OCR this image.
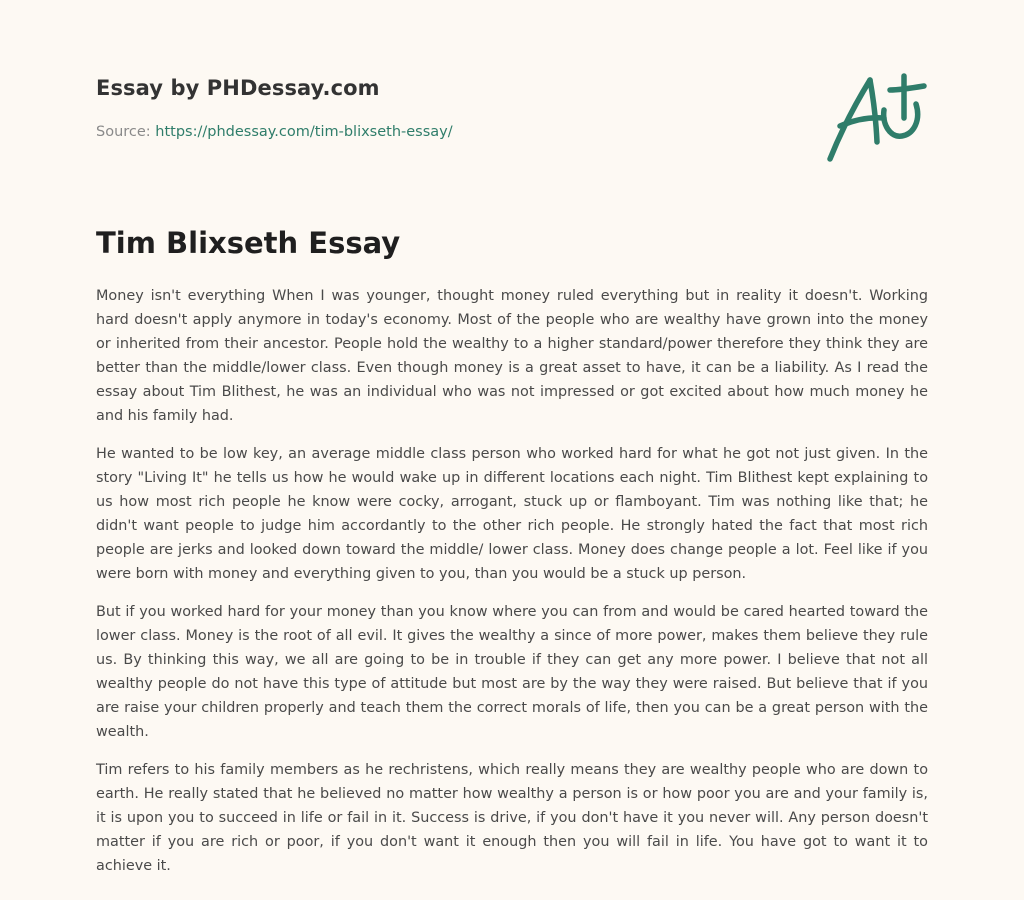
Essay by PHDessay.com
Source: https://phdessay.com/tim-blixseth-essay/
Tim Blixseth Essay

Money isn't everything When I was younger, thought money ruled everything but in reality it doesn't. Working hard doesn't apply anymore in today's economy. Most of the people who are wealthy have grown into the money or inherited from their ancestor. People hold the wealthy to a higher standard/power therefore they think they are better than the middle/lower class. Even though money is a great asset to have, it can be a liability. As I read the essay about Tim Blithest, he was an individual who was not impressed or got excited about how much money he and his family had.

He wanted to be low key, an average middle class person who worked hard for what he got not just given. In the story "Living It" he tells us how he would wake up in different locations each night. Tim Blithest kept explaining to us how most rich people he know were cocky, arrogant, stuck up or flamboyant. Tim was nothing like that; he didn't want people to judge him accordantly to the other rich people. He strongly hated the fact that most rich people are jerks and looked down toward the middle/ lower class. Money does change people a lot. Feel like if you were born with money and everything given to you, than you would be a stuck up person.

But if you worked hard for your money than you know where you can from and would be cared hearted toward the lower class. Money is the root of all evil. It gives the wealthy a since of more power, makes them believe they rule us. By thinking this way, we all are going to be in trouble if they can get any more power. I believe that not all wealthy people do not have this type of attitude but most are by the way they were raised. But believe that if you are raise your children properly and teach them the correct morals of life, then you can be a great person with the wealth.

Tim refers to his family members as he rechristens, which really means they are wealthy people who are down to earth. He really stated that he believed no matter how wealthy a person is or how poor you are and your family is, it is upon you to succeed in life or fail in it. Success is drive, if you don't have it you never will. Any person doesn't matter if you are rich or poor, if you don't want it enough then you will fail in life. You have got to want it to achieve it.
